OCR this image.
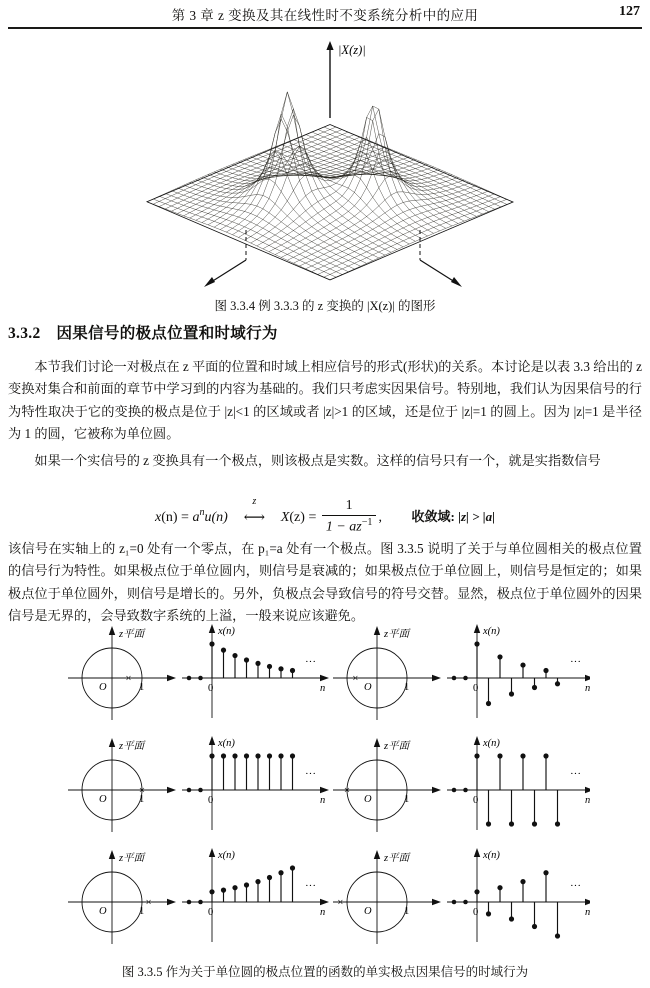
第 3 章 z 变换及其在线性时不变系统分析中的应用	127
|X(z)|
图 3.3.4 例 3.3.3 的 z 变换的 |X(z)| 的图形
3.3.2 因果信号的极点位置和时域行为
本节我们讨论一对极点在 z 平面的位置和时域上相应信号的形式(形状)的关系。本讨论是以表 3.3 给出的 z 变换对集合和前面的章节中学习到的内容为基础的。我们只考虑实因果信号。特别地，我们认为因果信号的行为特性取决于它的变换的极点是位于 |z|<1 的区域或者 |z|>1 的区域，还是位于 |z|=1 的圆上。因为 |z|=1 是半径为 1 的圆，它被称为单位圆。
如果一个实信号的 z 变换具有一个极点，则该极点是实数。这样的信号只有一个，就是实指数信号
$x(n) = a^nu(n)$
z
⟷ $X(z) = \frac{1}{1 - az^{-1}}$ , 收敛域: |z| > |a|
该信号在实轴上的 z₁=0 处有一个零点，在 p₁=a 处有一个极点。图 3.3.5 说明了关于与单位圆相关的极点位置的信号行为特性。如果极点位于单位圆内，则信号是衰减的；如果极点位于单位圆上，则信号是恒定的；如果极点位于单位圆外，则信号是增长的。另外，负极点会导致信号的符号交替。显然，极点位于单位圆外的因果信号是无界的，会导致数字系统的上溢，一般来说应该避免。
z平面
O	1
×
x(n)
0	n
···
z平面
O	1
×
x(n)
0	n
···
z平面
O	1
×
x(n)
0	n
···
z平面
O	1
×
x(n)
0	n
···
z平面
O	1
×
x(n)
0	n
···
z平面
O	1
×
x(n)
0	n
···
图 3.3.5 作为关于单位圆的极点位置的函数的单实极点因果信号的时域行为
